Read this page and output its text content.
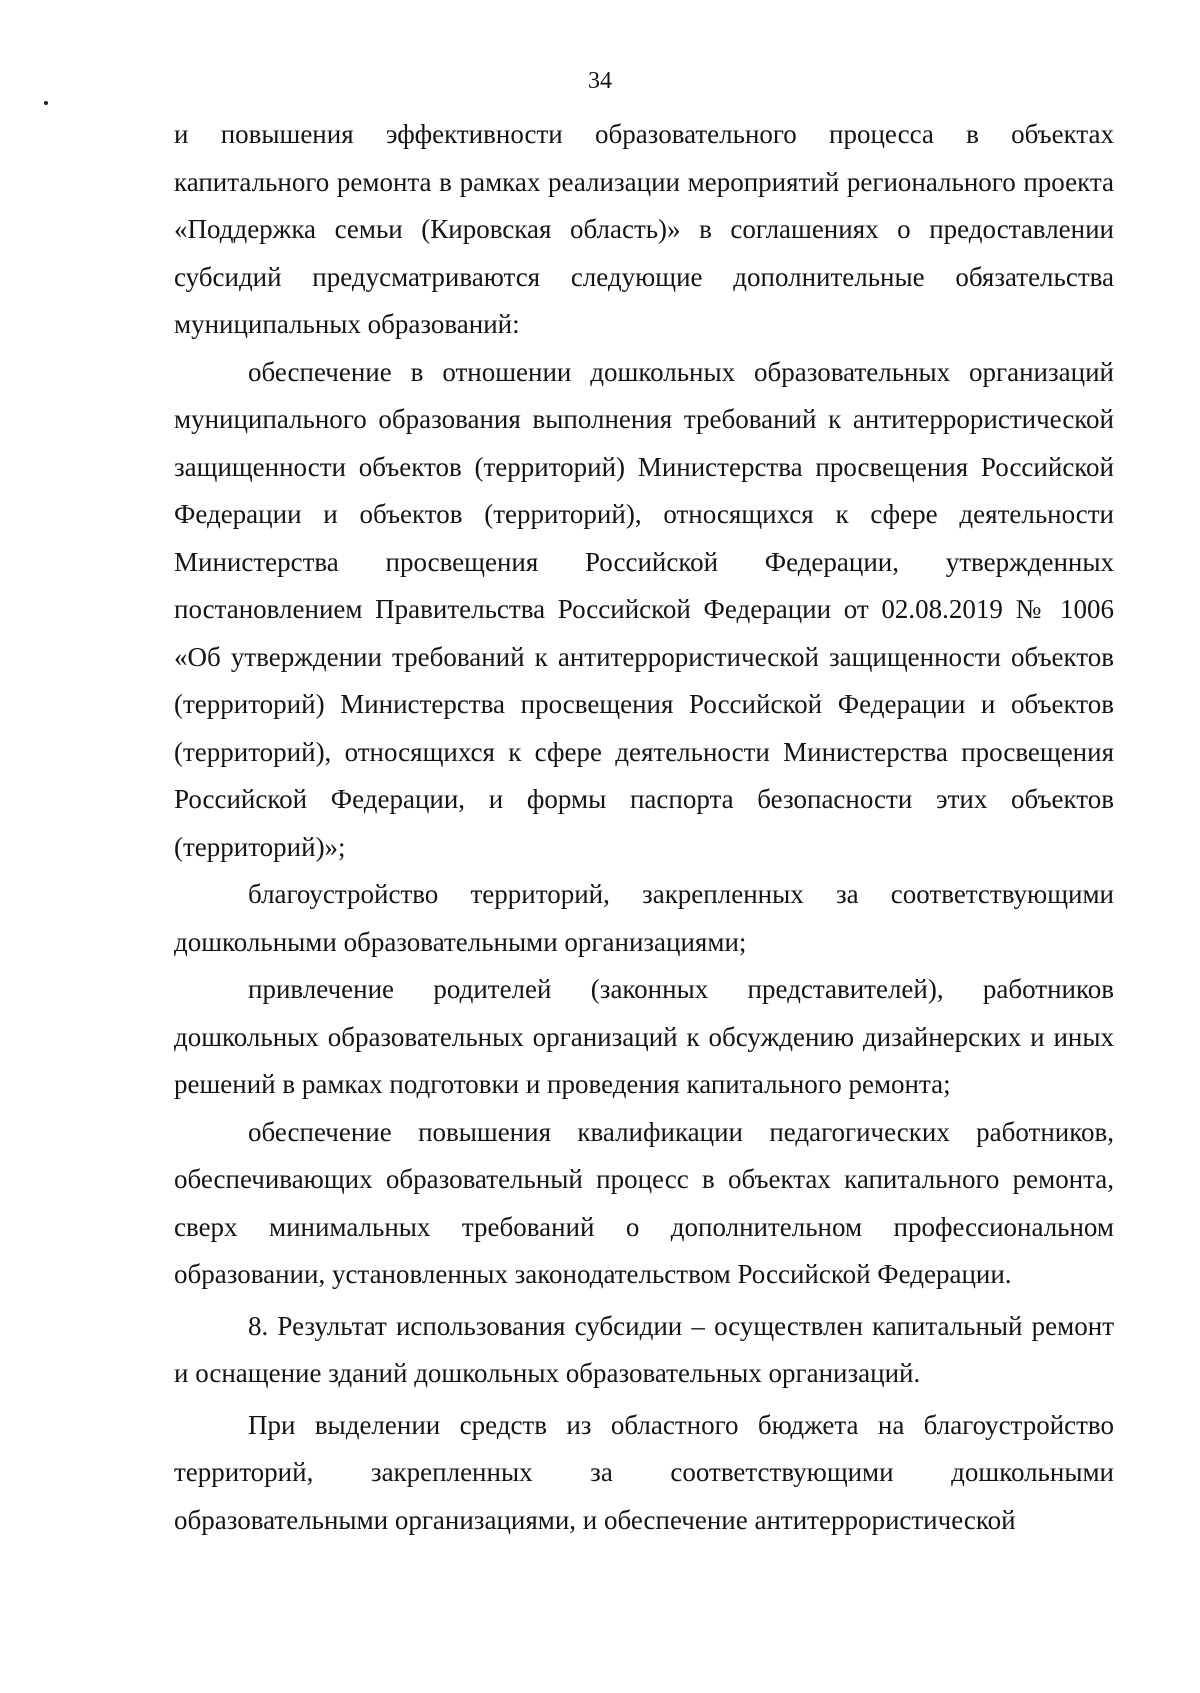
34

и повышения эффективности образовательного процесса в объектах капитального ремонта в рамках реализации мероприятий регионального проекта «Поддержка семьи (Кировская область)» в соглашениях о предоставлении субсидий предусматриваются следующие дополнительные обязательства муниципальных образований:

обеспечение в отношении дошкольных образовательных организаций муниципального образования выполнения требований к антитеррористической защищенности объектов (территорий) Министерства просвещения Российской Федерации и объектов (территорий), относящихся к сфере деятельности Министерства просвещения Российской Федерации, утвержденных постановлением Правительства Российской Федерации от 02.08.2019 № 1006 «Об утверждении требований к антитеррористической защищенности объектов (территорий) Министерства просвещения Российской Федерации и объектов (территорий), относящихся к сфере деятельности Министерства просвещения Российской Федерации, и формы паспорта безопасности этих объектов (территорий)»;

благоустройство территорий, закрепленных за соответствующими дошкольными образовательными организациями;

привлечение родителей (законных представителей), работников дошкольных образовательных организаций к обсуждению дизайнерских и иных решений в рамках подготовки и проведения капитального ремонта;

обеспечение повышения квалификации педагогических работников, обеспечивающих образовательный процесс в объектах капитального ремонта, сверх минимальных требований о дополнительном профессиональном образовании, установленных законодательством Российской Федерации.

8. Результат использования субсидии – осуществлен капитальный ремонт и оснащение зданий дошкольных образовательных организаций.

При выделении средств из областного бюджета на благоустройство территорий, закрепленных за соответствующими дошкольными образовательными организациями, и обеспечение антитеррористической
